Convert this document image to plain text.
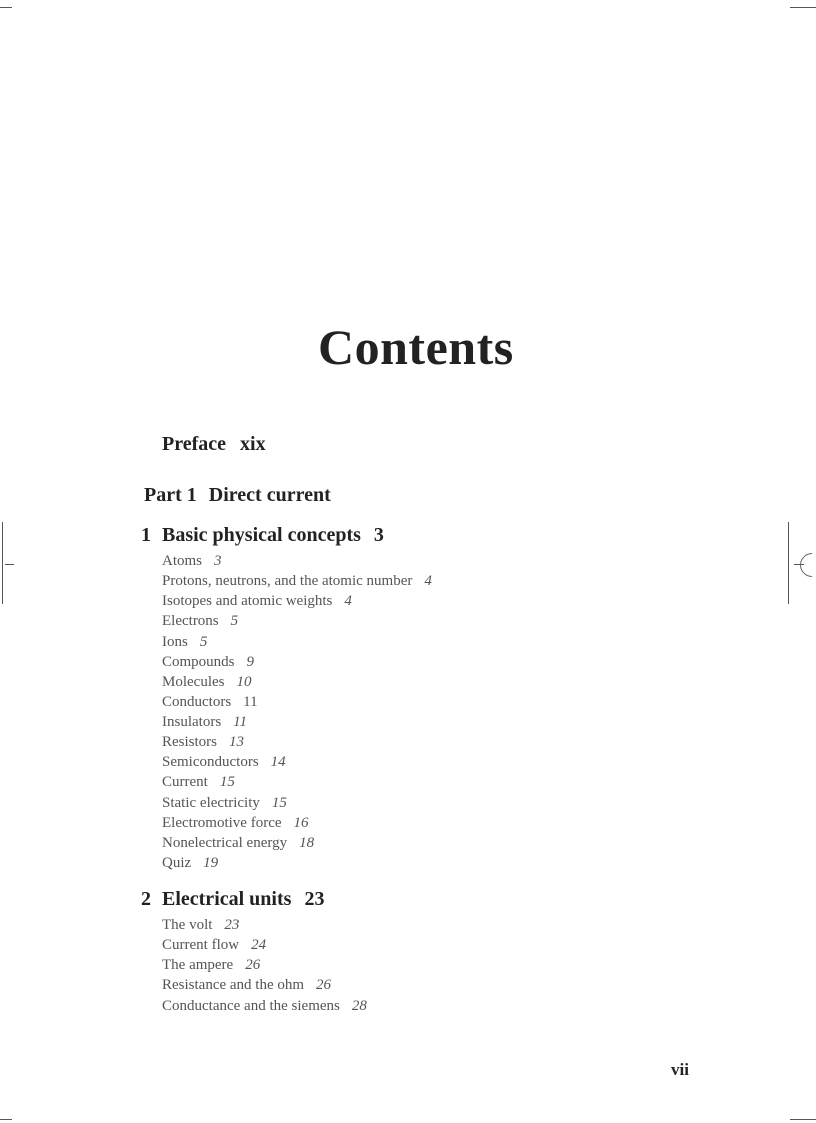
Contents
Preface xix
Part 1 Direct current
1 Basic physical concepts 3
Atoms 3
Protons, neutrons, and the atomic number 4
Isotopes and atomic weights 4
Electrons 5
Ions 5
Compounds 9
Molecules 10
Conductors 11
Insulators 11
Resistors 13
Semiconductors 14
Current 15
Static electricity 15
Electromotive force 16
Nonelectrical energy 18
Quiz 19
2 Electrical units 23
The volt 23
Current flow 24
The ampere 26
Resistance and the ohm 26
Conductance and the siemens 28
vii
